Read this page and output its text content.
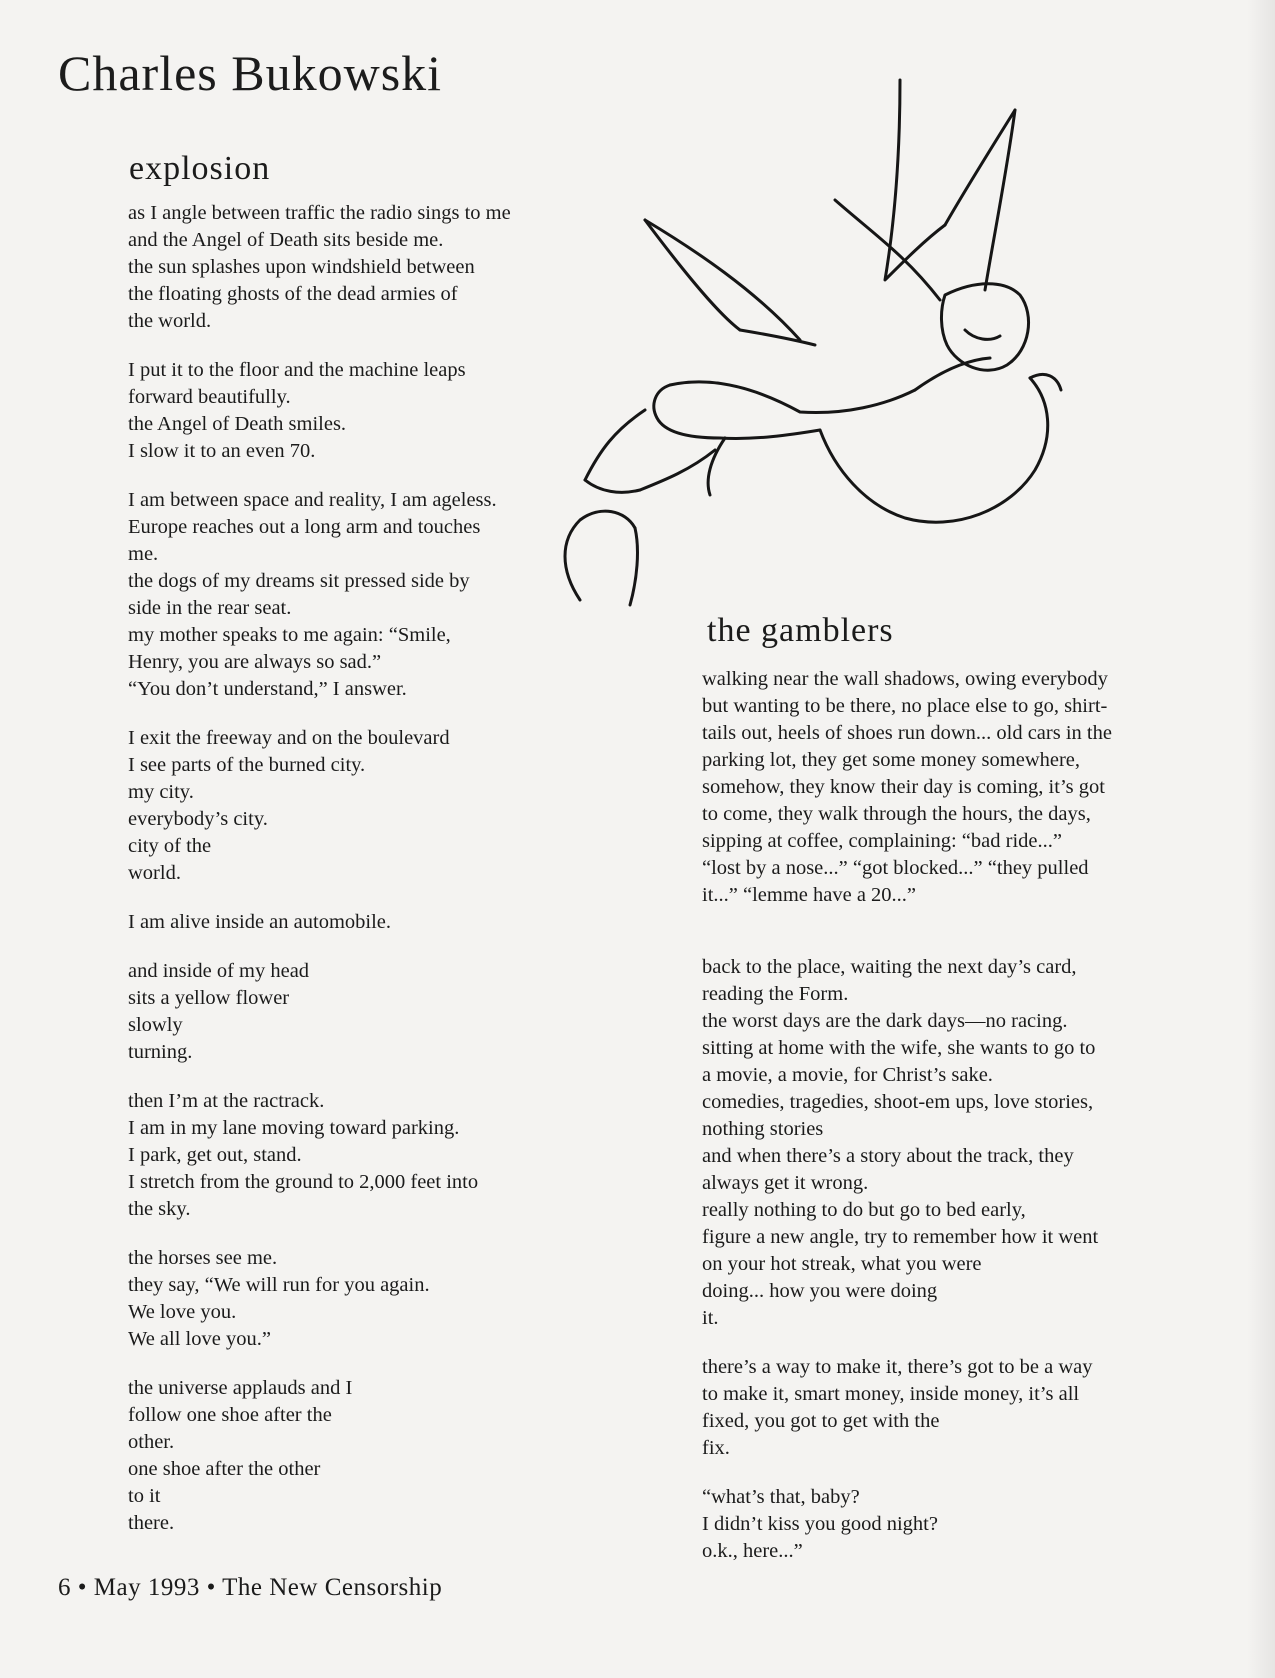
Charles Bukowski
explosion
as I angle between traffic the radio sings to me
and the Angel of Death sits beside me.
the sun splashes upon windshield between
the floating ghosts of the dead armies of
the world.
I put it to the floor and the machine leaps
forward beautifully.
the Angel of Death smiles.
I slow it to an even 70.
I am between space and reality, I am ageless.
Europe reaches out a long arm and touches
me.
the dogs of my dreams sit pressed side by
side in the rear seat.
my mother speaks to me again: “Smile,
Henry, you are always so sad.”
“You don’t understand,” I answer.
I exit the freeway and on the boulevard
I see parts of the burned city.
my city.
everybody’s city.
city of the
world.
I am alive inside an automobile.
and inside of my head
sits a yellow flower
slowly
turning.
then I’m at the ractrack.
I am in my lane moving toward parking.
I park, get out, stand.
I stretch from the ground to 2,000 feet into
the sky.
the horses see me.
they say, “We will run for you again.
We love you.
We all love you.”
the universe applauds and I
follow one shoe after the
other.
one shoe after the other
to it
there.
the gamblers
walking near the wall shadows, owing everybody
but wanting to be there, no place else to go, shirt-
tails out, heels of shoes run down... old cars in the
parking lot, they get some money somewhere,
somehow, they know their day is coming, it’s got
to come, they walk through the hours, the days,
sipping at coffee, complaining: “bad ride...”
“lost by a nose...” “got blocked...” “they pulled
it...” “lemme have a 20...”
back to the place, waiting the next day’s card,
reading the Form.
the worst days are the dark days—no racing.
sitting at home with the wife, she wants to go to
a movie, a movie, for Christ’s sake.
comedies, tragedies, shoot-em ups, love stories,
nothing stories
and when there’s a story about the track, they
always get it wrong.
really nothing to do but go to bed early,
figure a new angle, try to remember how it went
on your hot streak, what you were
doing... how you were doing
it.
there’s a way to make it, there’s got to be a way
to make it, smart money, inside money, it’s all
fixed, you got to get with the
fix.
“what’s that, baby?
I didn’t kiss you good night?
o.k., here...”
6 • May 1993 • The New Censorship
